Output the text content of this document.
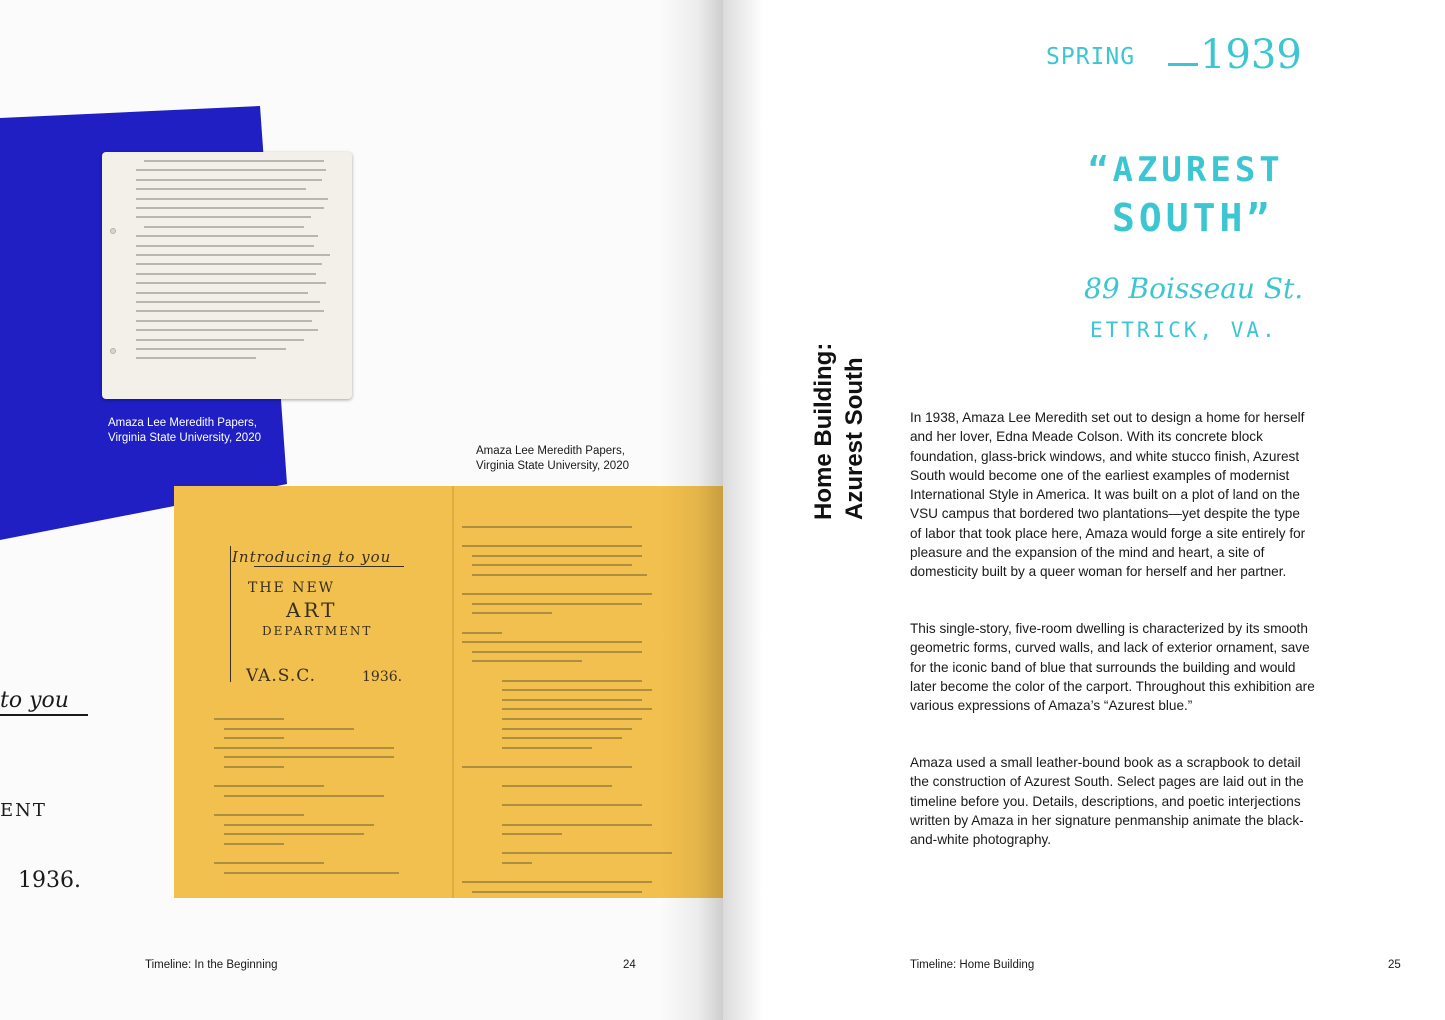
Amaza Lee Meredith Papers,
Virginia State University, 2020
Amaza Lee Meredith Papers,
Virginia State University, 2020
Introducing to you
THE NEW
ART
DEPARTMENT
VA.S.C.	1936.
to you
ENT
1936.
SPRING 1939
“AZUREST
SOUTH”
89 Boisseau St.
ETTRICK, VA.
Home Building: Azurest South	In 1938, Amaza Lee Meredith set out to design a home for herself and her lover, Edna Meade Colson. With its concrete block foundation, glass-brick windows, and white stucco finish, Azurest South would become one of the earliest examples of modernist International Style in America. It was built on a plot of land on the VSU campus that bordered two plantations—yet despite the type of labor that took place here, Amaza would forge a site entirely for pleasure and the expansion of the mind and heart, a site of domesticity built by a queer woman for herself and her partner.

This single-story, five-room dwelling is characterized by its smooth geometric forms, curved walls, and lack of exterior ornament, save for the iconic band of blue that surrounds the building and would later become the color of the carport. Throughout this exhibition are various expressions of Amaza’s “Azurest blue.”

Amaza used a small leather-bound book as a scrapbook to detail the construction of Azurest South. Select pages are laid out in the timeline before you. Details, descriptions, and poetic interjections written by Amaza in her signature penmanship animate the black-and-white photography.

Timeline: In the Beginning	24	Timeline: Home Building	25
